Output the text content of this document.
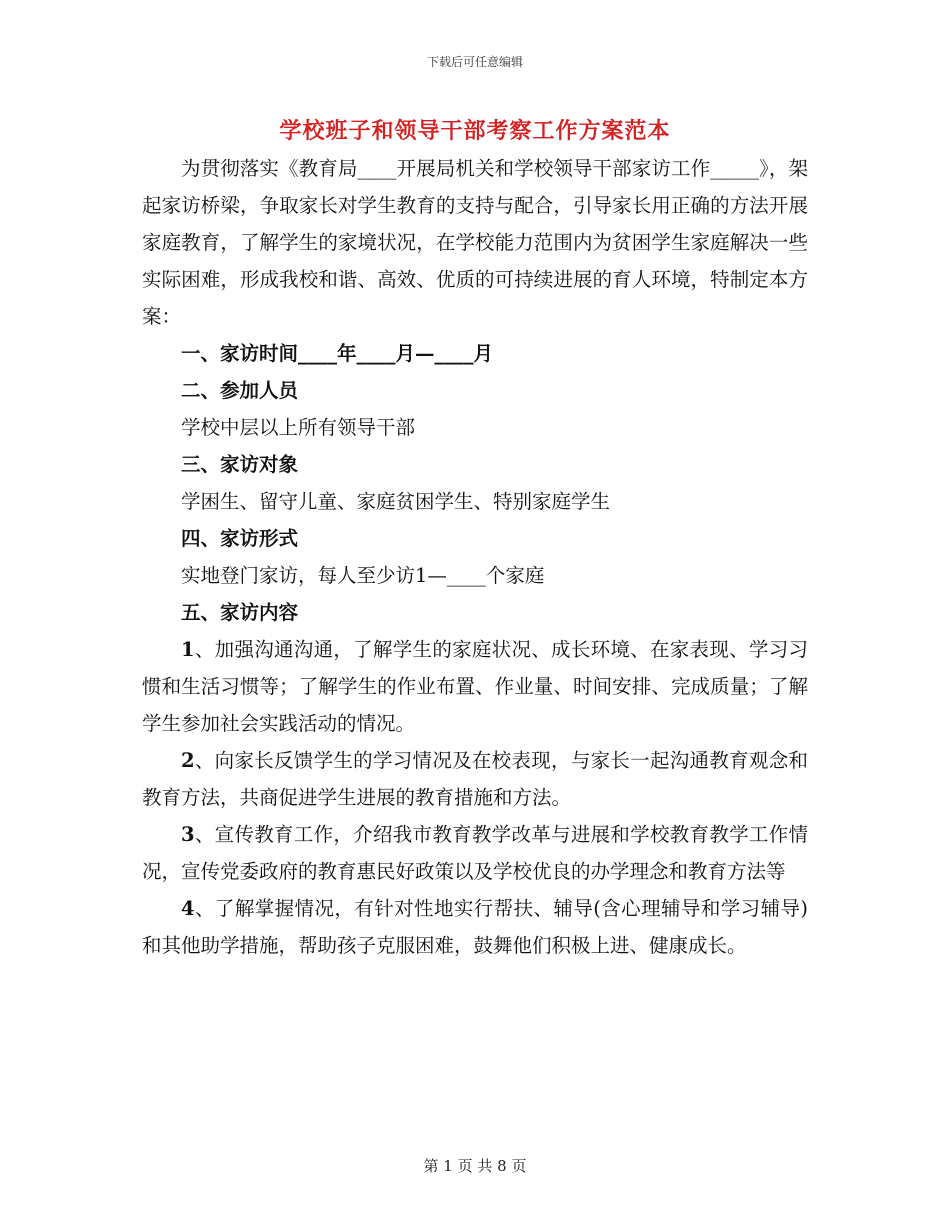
下载后可任意编辑
学校班子和领导干部考察工作方案范本

为贯彻落实《教育局____开展局机关和学校领导干部家访工作_____》，架起家访桥梁，争取家长对学生教育的支持与配合，引导家长用正确的方法开展家庭教育，了解学生的家境状况，在学校能力范围内为贫困学生家庭解决一些实际困难，形成我校和谐、高效、优质的可持续进展的育人环境，特制定本方案：

一、家访时间____年____月—____月

二、参加人员

学校中层以上所有领导干部

三、家访对象

学困生、留守儿童、家庭贫困学生、特别家庭学生

四、家访形式

实地登门家访，每人至少访1—____个家庭

五、家访内容

1、加强沟通沟通，了解学生的家庭状况、成长环境、在家表现、学习习惯和生活习惯等；了解学生的作业布置、作业量、时间安排、完成质量；了解学生参加社会实践活动的情况。

2、向家长反馈学生的学习情况及在校表现，与家长一起沟通教育观念和教育方法，共商促进学生进展的教育措施和方法。

3、宣传教育工作，介绍我市教育教学改革与进展和学校教育教学工作情况，宣传党委政府的教育惠民好政策以及学校优良的办学理念和教育方法等

4、了解掌握情况，有针对性地实行帮扶、辅导(含心理辅导和学习辅导)和其他助学措施，帮助孩子克服困难，鼓舞他们积极上进、健康成长。

第 1 页 共 8 页
